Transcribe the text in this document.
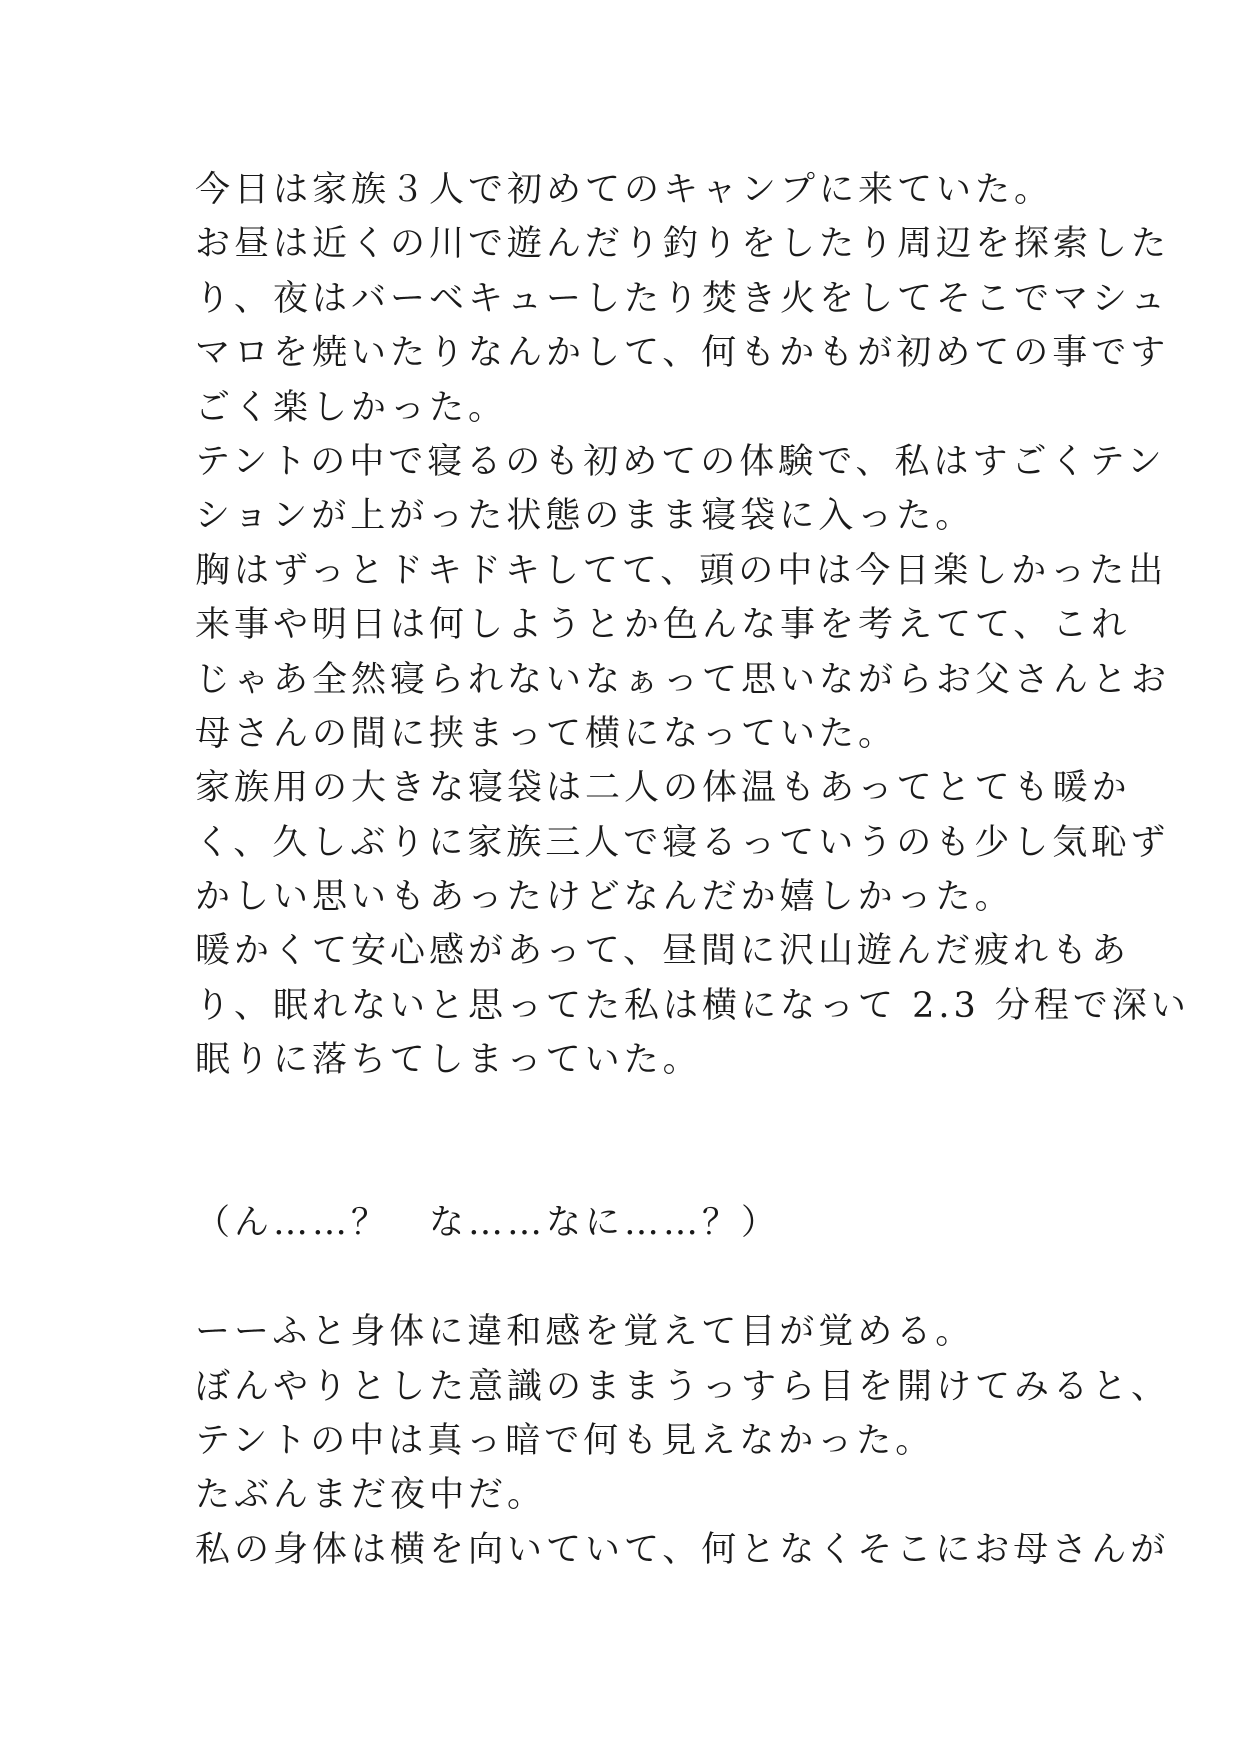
今日は家族３人で初めてのキャンプに来ていた。
お昼は近くの川で遊んだり釣りをしたり周辺を探索した
り、夜はバーベキューしたり焚き火をしてそこでマシュ
マロを焼いたりなんかして、何もかもが初めての事です
ごく楽しかった。
テントの中で寝るのも初めての体験で、私はすごくテン
ションが上がった状態のまま寝袋に入った。
胸はずっとドキドキしてて、頭の中は今日楽しかった出
来事や明日は何しようとか色んな事を考えてて、これ
じゃあ全然寝られないなぁって思いながらお父さんとお
母さんの間に挟まって横になっていた。
家族用の大きな寝袋は二人の体温もあってとても暖か
く、久しぶりに家族三人で寝るっていうのも少し気恥ず
かしい思いもあったけどなんだか嬉しかった。
暖かくて安心感があって、昼間に沢山遊んだ疲れもあ
り、眠れないと思ってた私は横になって 2.3 分程で深い
眠りに落ちてしまっていた。
（ん……？　な……なに……？）
ーーふと身体に違和感を覚えて目が覚める。
ぼんやりとした意識のままうっすら目を開けてみると、
テントの中は真っ暗で何も見えなかった。
たぶんまだ夜中だ。
私の身体は横を向いていて、何となくそこにお母さんが
